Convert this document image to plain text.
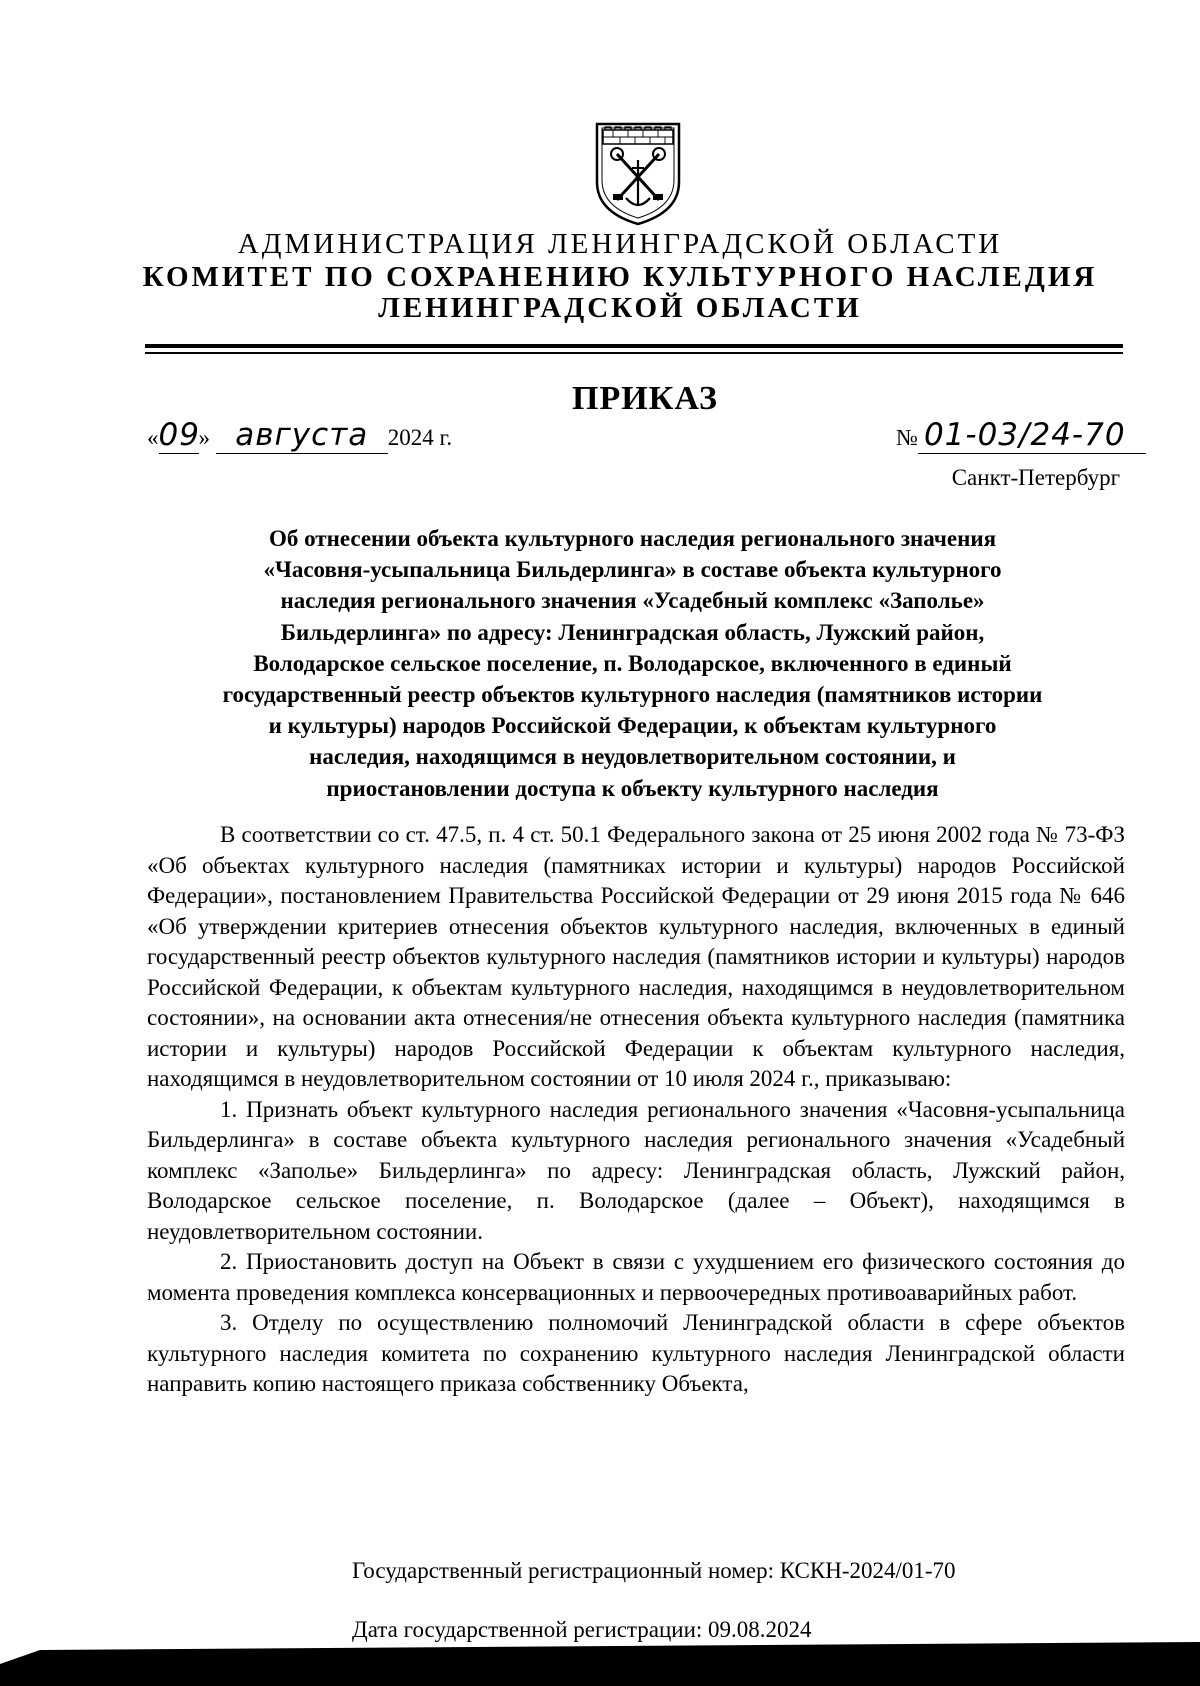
АДМИНИСТРАЦИЯ ЛЕНИНГРАДСКОЙ ОБЛАСТИ
КОМИТЕТ ПО СОХРАНЕНИЮ КУЛЬТУРНОГО НАСЛЕДИЯ
ЛЕНИНГРАДСКОЙ ОБЛАСТИ
ПРИКАЗ
«09» августа 2024 г.	№ 01-03/24-70
Санкт-Петербург
Об отнесении объекта культурного наследия регионального значения
«Часовня-усыпальница Бильдерлинга» в составе объекта культурного
наследия регионального значения «Усадебный комплекс «Заполье»
Бильдерлинга» по адресу: Ленинградская область, Лужский район,
Володарское сельское поселение, п. Володарское, включенного в единый
государственный реестр объектов культурного наследия (памятников истории
и культуры) народов Российской Федерации, к объектам культурного
наследия, находящимся в неудовлетворительном состоянии, и
приостановлении доступа к объекту культурного наследия

В соответствии со ст. 47.5, п. 4 ст. 50.1 Федерального закона от 25 июня 2002 года № 73-ФЗ «Об объектах культурного наследия (памятниках истории и культуры) народов Российской Федерации», постановлением Правительства Российской Федерации от 29 июня 2015 года № 646 «Об утверждении критериев отнесения объектов культурного наследия, включенных в единый государственный реестр объектов культурного наследия (памятников истории и культуры) народов Российской Федерации, к объектам культурного наследия, находящимся в неудовлетворительном состоянии», на основании акта отнесения/не отнесения объекта культурного наследия (памятника истории и культуры) народов Российской Федерации к объектам культурного наследия, находящимся в неудовлетворительном состоянии от 10 июля 2024 г., приказываю:

1. Признать объект культурного наследия регионального значения «Часовня-усыпальница Бильдерлинга» в составе объекта культурного наследия регионального значения «Усадебный комплекс «Заполье» Бильдерлинга» по адресу: Ленинградская область, Лужский район, Володарское сельское поселение, п. Володарское (далее – Объект), находящимся в неудовлетворительном состоянии.

2. Приостановить доступ на Объект в связи с ухудшением его физического состояния до момента проведения комплекса консервационных и первоочередных противоаварийных работ.

3. Отделу по осуществлению полномочий Ленинградской области в сфере объектов культурного наследия комитета по сохранению культурного наследия Ленинградской области направить копию настоящего приказа собственнику Объекта,

Государственный регистрационный номер: КСКН-2024/01-70
Дата государственной регистрации: 09.08.2024
